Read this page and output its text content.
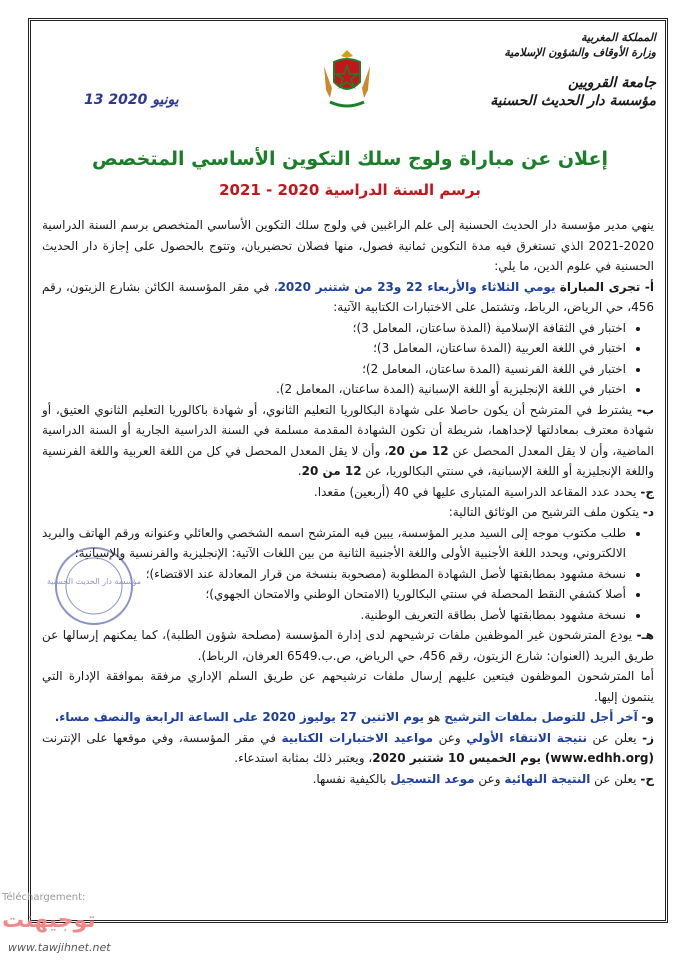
المملكة المغربية
وزارة الأوقاف والشؤون الإسلامية
جامعة القرويين
مؤسسة دار الحديث الحسنية
13 يونيو 2020
إعلان عن مباراة ولوج سلك التكوين الأساسي المتخصص
برسم السنة الدراسية 2020 - 2021
مؤسسة دار الحديث الحسنية

ينهي مدير مؤسسة دار الحديث الحسنية إلى علم الراغبين في ولوج سلك التكوين الأساسي المتخصص برسم السنة الدراسية 2020-2021 الذي تستغرق فيه مدة التكوين ثمانية فصول، منها فصلان تحضيريان، وتتوج بالحصول على إجازة دار الحديث الحسنية في علوم الدين، ما يلي:

أ- تجرى المباراة يومي الثلاثاء والأربعاء 22 و23 من شتنبر 2020، في مقر المؤسسة الكائن بشارع الزيتون، رقم 456، حي الرياض، الرباط، وتشتمل على الاختبارات الكتابية الآتية:

• اختبار في الثقافة الإسلامية (المدة ساعتان، المعامل 3)؛
• اختبار في اللغة العربية (المدة ساعتان، المعامل 3)؛
• اختبار في اللغة الفرنسية (المدة ساعتان، المعامل 2)؛
• اختبار في اللغة الإنجليزية أو اللغة الإسبانية (المدة ساعتان، المعامل 2).

ب- يشترط في المترشح أن يكون حاصلا على شهادة البكالوريا التعليم الثانوي، أو شهادة باكالوريا التعليم الثانوي العتيق، أو شهادة معترف بمعادلتها لإحداهما، شريطة أن تكون الشهادة المقدمة مسلمة في السنة الدراسية الجارية أو السنة الدراسية الماضية، وأن لا يقل المعدل المحصل عن 12 من 20، وأن لا يقل المعدل المحصل في كل من اللغة العربية واللغة الفرنسية واللغة الإنجليزية أو اللغة الإسبانية، في سنتي البكالوريا، عن 12 من 20.

ج- يحدد عدد المقاعد الدراسية المتبارى عليها في 40 (أربعين) مقعدا.

د- يتكون ملف الترشيح من الوثائق التالية:

• طلب مكتوب موجه إلى السيد مدير المؤسسة، يبين فيه المترشح اسمه الشخصي والعائلي وعنوانه ورقم الهاتف والبريد الالكتروني، ويحدد اللغة الأجنبية الأولى واللغة الأجنبية الثانية من بين اللغات الآتية: الإنجليزية والفرنسية والإسبانية؛
• نسخة مشهود بمطابقتها لأصل الشهادة المطلوبة (مصحوبة بنسخة من قرار المعادلة عند الاقتضاء)؛
• أصلا كشفي النقط المحصلة في سنتي البكالوريا (الامتحان الوطني والامتحان الجهوي)؛
• نسخة مشهود بمطابقتها لأصل بطاقة التعريف الوطنية.

هـ- يودع المترشحون غير الموظفين ملفات ترشيحهم لدى إدارة المؤسسة (مصلحة شؤون الطلبة)، كما يمكنهم إرسالها عن طريق البريد (العنوان: شارع الزيتون، رقم 456، حي الرياض، ص.ب.6549 العرفان، الرباط).

أما المترشحون الموظفون فيتعين عليهم إرسال ملفات ترشيحهم عن طريق السلم الإداري مرفقة بموافقة الإدارة التي ينتمون إليها.

و- آخر أجل للتوصل بملفات الترشيح هو يوم الاثنين 27 يوليوز 2020 على الساعة الرابعة والنصف مساء.

ز- يعلن عن نتيجة الانتقاء الأولي وعن مواعيد الاختبارات الكتابية في مقر المؤسسة، وفي موقعها على الإنترنت (www.edhh.org) يوم الخميس 10 شتنبر 2020، ويعتبر ذلك بمثابة استدعاء.

ح- يعلن عن النتيجة النهائية وعن موعد التسجيل بالكيفية نفسها.

Téléchargement:
توجيهنت
www.tawjihnet.net
